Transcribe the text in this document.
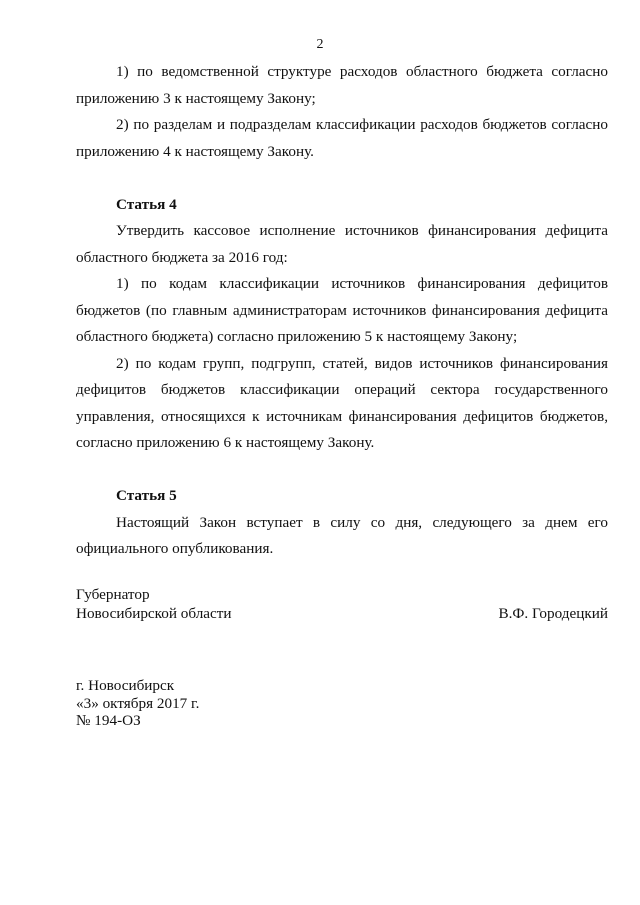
2

1) по ведомственной структуре расходов областного бюджета согласно приложению 3 к настоящему Закону;

2) по разделам и подразделам классификации расходов бюджетов согласно приложению 4 к настоящему Закону.

Статья 4

Утвердить кассовое исполнение источников финансирования дефицита областного бюджета за 2016 год:

1) по кодам классификации источников финансирования дефицитов бюджетов (по главным администраторам источников финансирования дефицита областного бюджета) согласно приложению 5 к настоящему Закону;

2) по кодам групп, подгрупп, статей, видов источников финансирования дефицитов бюджетов классификации операций сектора государственного управления, относящихся к источникам финансирования дефицитов бюджетов, согласно приложению 6 к настоящему Закону.

Статья 5

Настоящий Закон вступает в силу со дня, следующего за днем его официального опубликования.

Губернатор
Новосибирской области	В.Ф. Городецкий
г. Новосибирск
«3» октября 2017 г.
№ 194-ОЗ
